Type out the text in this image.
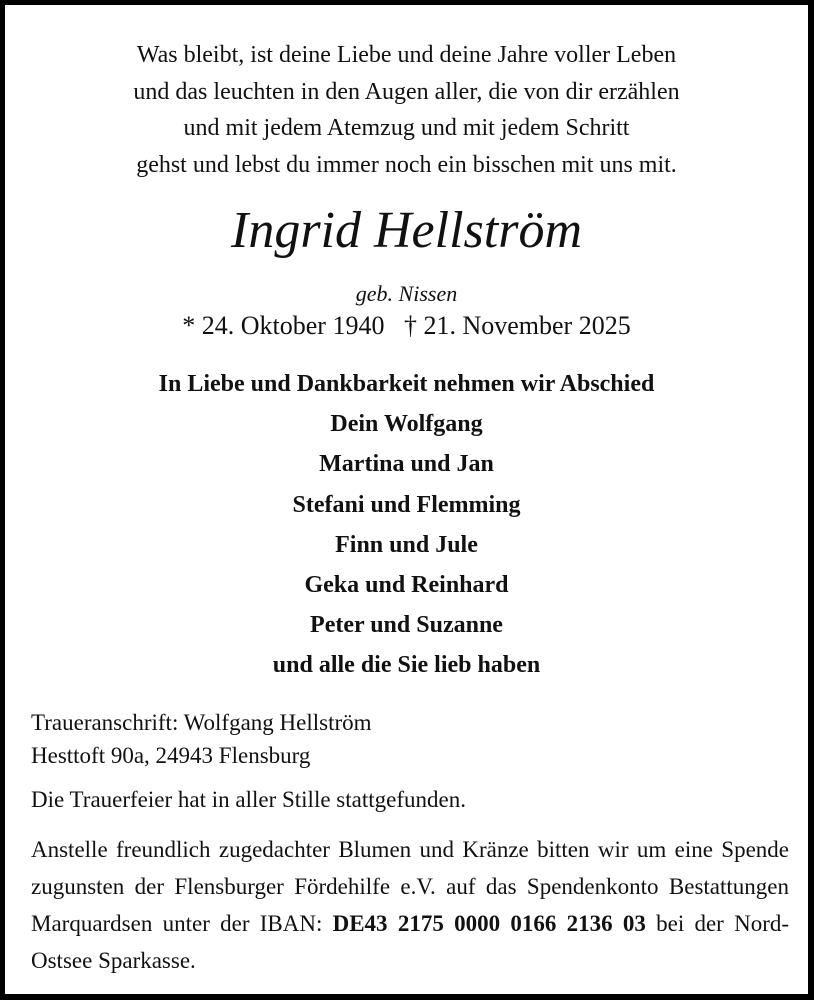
Was bleibt, ist deine Liebe und deine Jahre voller Leben
und das leuchten in den Augen aller, die von dir erzählen
und mit jedem Atemzug und mit jedem Schritt
gehst und lebst du immer noch ein bisschen mit uns mit.
Ingrid Hellström
geb. Nissen
* 24. Oktober 1940 † 21. November 2025
In Liebe und Dankbarkeit nehmen wir Abschied
Dein Wolfgang
Martina und Jan
Stefani und Flemming
Finn und Jule
Geka und Reinhard
Peter und Suzanne
und alle die Sie lieb haben
Traueranschrift: Wolfgang Hellström
Hesttoft 90a, 24943 Flensburg
Die Trauerfeier hat in aller Stille stattgefunden.
Anstelle freundlich zugedachter Blumen und Kränze bitten wir um eine Spende zugunsten der Flensburger Fördehilfe e.V. auf das Spendenkonto Bestattungen Marquardsen unter der IBAN: DE43 2175 0000 0166 2136 03 bei der Nord-Ostsee Sparkasse.
